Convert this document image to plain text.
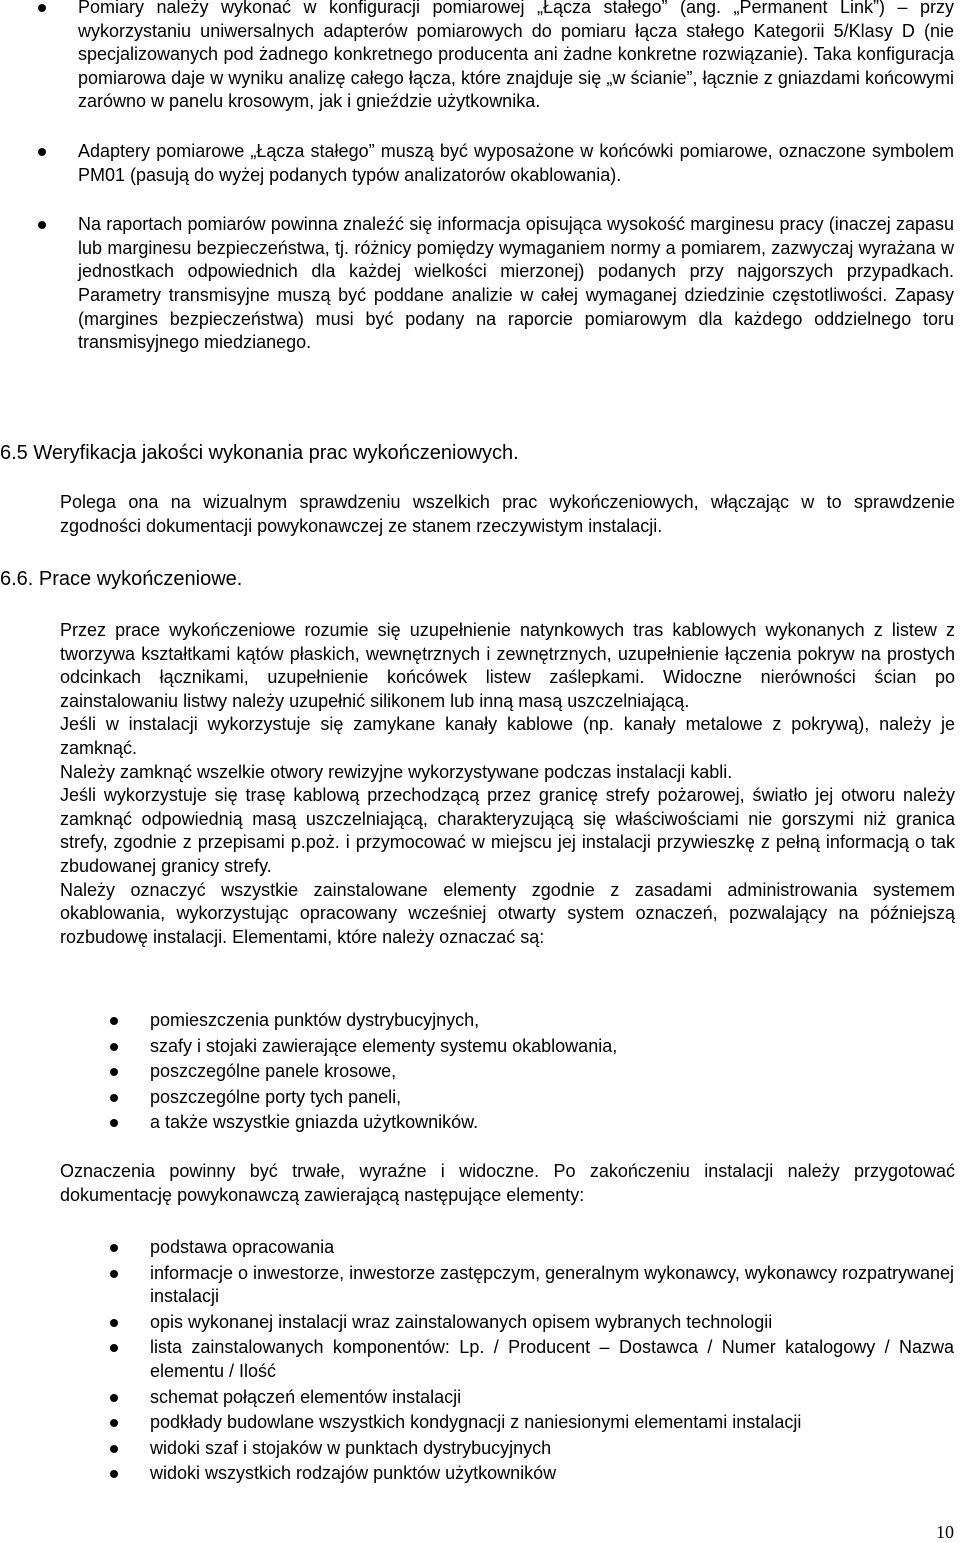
Pomiary należy wykonać w konfiguracji pomiarowej „Łącza stałego” (ang. „Permanent Link”) – przy wykorzystaniu uniwersalnych adapterów pomiarowych do pomiaru łącza stałego Kategorii 5/Klasy D (nie specjalizowanych pod żadnego konkretnego producenta ani żadne konkretne rozwiązanie). Taka konfiguracja pomiarowa daje w wyniku analizę całego łącza, które znajduje się „w ścianie”, łącznie z gniazdami końcowymi zarówno w panelu krosowym, jak i gnieździe użytkownika.
Adaptery pomiarowe „Łącza stałego” muszą być wyposażone w końcówki pomiarowe, oznaczone symbolem PM01 (pasują do wyżej podanych typów analizatorów okablowania).
Na raportach pomiarów powinna znaleźć się informacja opisująca wysokość marginesu pracy (inaczej zapasu lub marginesu bezpieczeństwa, tj. różnicy pomiędzy wymaganiem normy a pomiarem, zazwyczaj wyrażana w jednostkach odpowiednich dla każdej wielkości mierzonej) podanych przy najgorszych przypadkach. Parametry transmisyjne muszą być poddane analizie w całej wymaganej dziedzinie częstotliwości. Zapasy (margines bezpieczeństwa) musi być podany na raporcie pomiarowym dla każdego oddzielnego toru transmisyjnego miedzianego.
6.5 Weryfikacja jakości wykonania prac wykończeniowych.

Polega ona na wizualnym sprawdzeniu wszelkich prac wykończeniowych, włączając w to sprawdzenie zgodności dokumentacji powykonawczej ze stanem rzeczywistym instalacji.

6.6. Prace wykończeniowe.

Przez prace wykończeniowe rozumie się uzupełnienie natynkowych tras kablowych wykonanych z listew z tworzywa kształtkami kątów płaskich, wewnętrznych i zewnętrznych, uzupełnienie łączenia pokryw na prostych odcinkach łącznikami, uzupełnienie końcówek listew zaślepkami. Widoczne nierówności ścian po zainstalowaniu listwy należy uzupełnić silikonem lub inną masą uszczelniającą.

Jeśli w instalacji wykorzystuje się zamykane kanały kablowe (np. kanały metalowe z pokrywą), należy je zamknąć.

Należy zamknąć wszelkie otwory rewizyjne wykorzystywane podczas instalacji kabli.

Jeśli wykorzystuje się trasę kablową przechodzącą przez granicę strefy pożarowej, światło jej otworu należy zamknąć odpowiednią masą uszczelniającą, charakteryzującą się właściwościami nie gorszymi niż granica strefy, zgodnie z przepisami p.poż. i przymocować w miejscu jej instalacji przywieszkę z pełną informacją o tak zbudowanej granicy strefy.

Należy oznaczyć wszystkie zainstalowane elementy zgodnie z zasadami administrowania systemem okablowania, wykorzystując opracowany wcześniej otwarty system oznaczeń, pozwalający na późniejszą rozbudowę instalacji. Elementami, które należy oznaczać są:

pomieszczenia punktów dystrybucyjnych,
szafy i stojaki zawierające elementy systemu okablowania,
poszczególne panele krosowe,
poszczególne porty tych paneli,
a także wszystkie gniazda użytkowników.

Oznaczenia powinny być trwałe, wyraźne i widoczne. Po zakończeniu instalacji należy przygotować dokumentację powykonawczą zawierającą następujące elementy:

podstawa opracowania
informacje o inwestorze, inwestorze zastępczym, generalnym wykonawcy, wykonawcy rozpatrywanej instalacji
opis wykonanej instalacji wraz zainstalowanych opisem wybranych technologii
lista zainstalowanych komponentów: Lp. / Producent – Dostawca / Numer katalogowy / Nazwa elementu / Ilość
schemat połączeń elementów instalacji
podkłady budowlane wszystkich kondygnacji z naniesionymi elementami instalacji
widoki szaf i stojaków w punktach dystrybucyjnych
widoki wszystkich rodzajów punktów użytkowników
10
